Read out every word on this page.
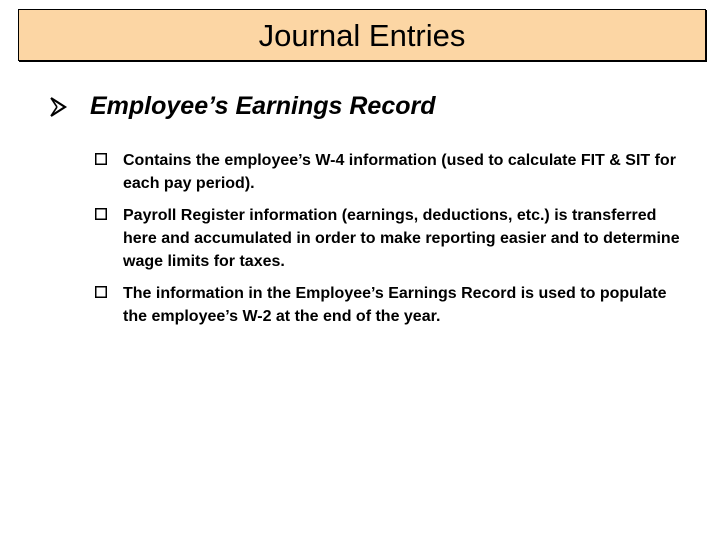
Journal Entries
Employee’s Earnings Record
Contains the employee’s W-4 information (used to calculate FIT & SIT for each pay period).
Payroll Register information (earnings, deductions, etc.) is transferred here and accumulated in order to make reporting easier and to determine wage limits for taxes.
The information in the Employee’s Earnings Record is used to populate the employee’s W-2 at the end of the year.
